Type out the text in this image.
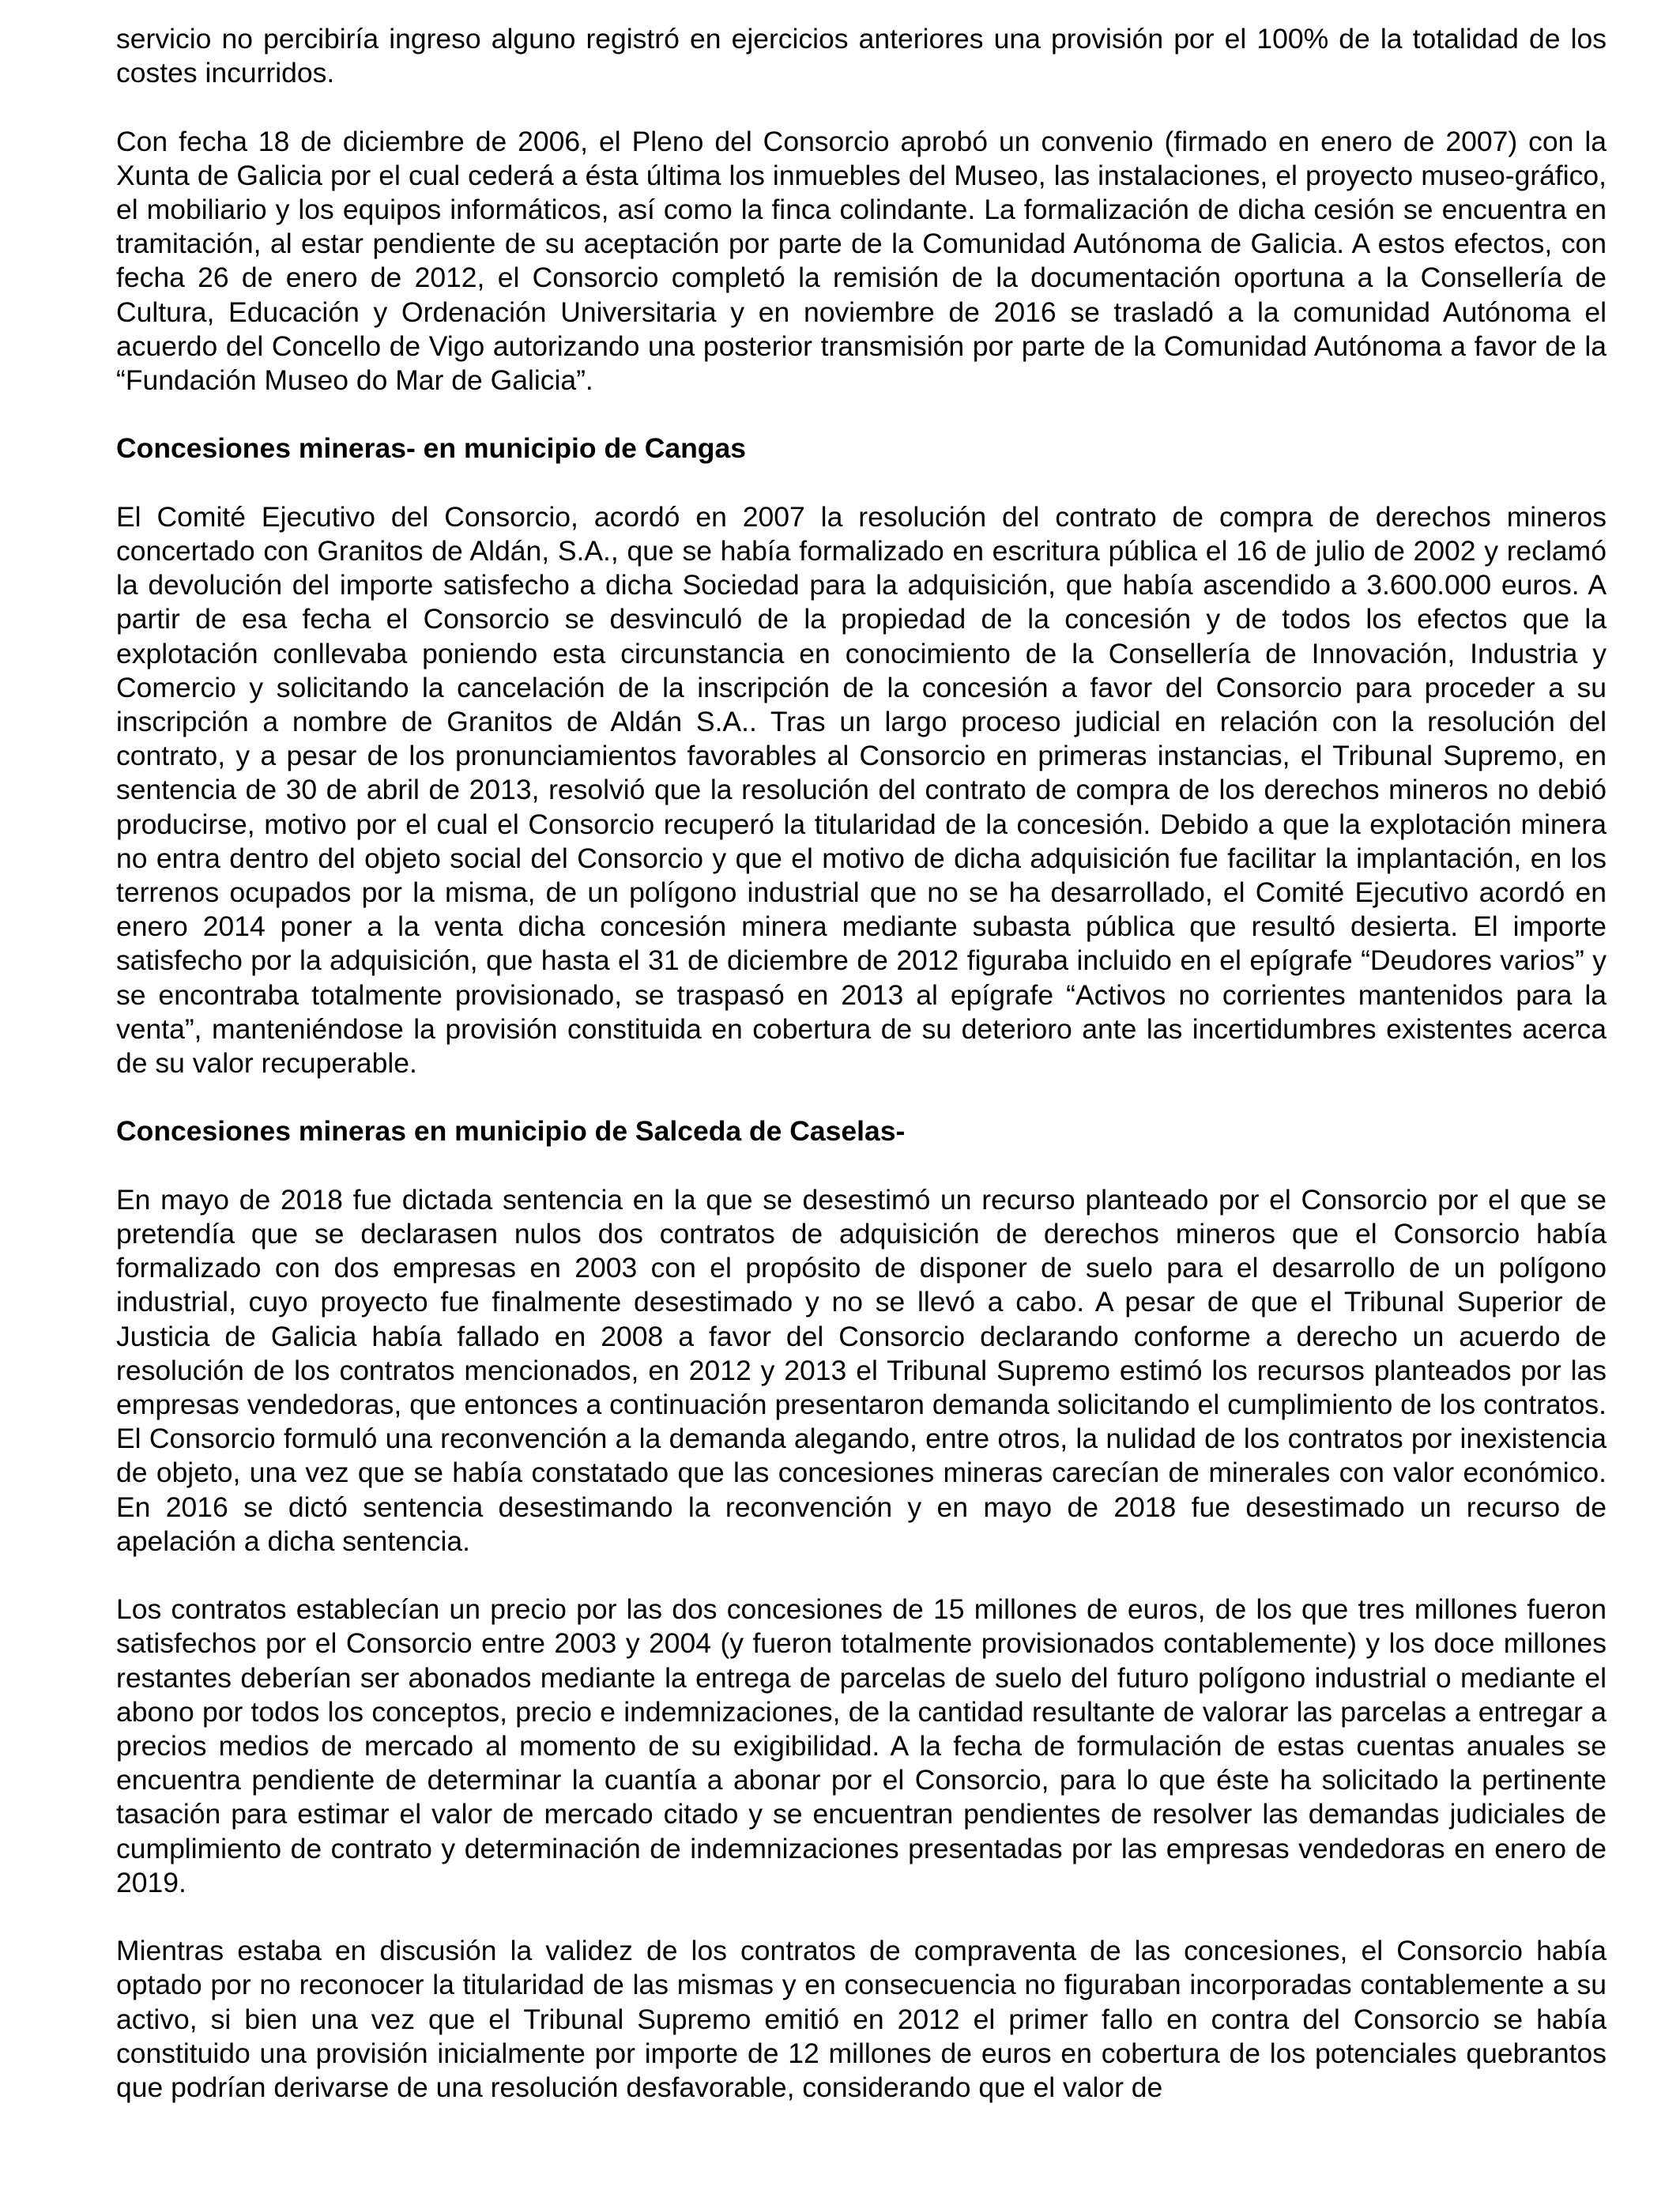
servicio no percibiría ingreso alguno registró en ejercicios anteriores una provisión por el 100% de la totalidad de los costes incurridos.

Con fecha 18 de diciembre de 2006, el Pleno del Consorcio aprobó un convenio (firmado en enero de 2007) con la Xunta de Galicia por el cual cederá a ésta última los inmuebles del Museo, las instalaciones, el proyecto museo-gráfico, el mobiliario y los equipos informáticos, así como la finca colindante. La formalización de dicha cesión se encuentra en tramitación, al estar pendiente de su aceptación por parte de la Comunidad Autónoma de Galicia. A estos efectos, con fecha 26 de enero de 2012, el Consorcio completó la remisión de la documentación oportuna a la Consellería de Cultura, Educación y Ordenación Universitaria y en noviembre de 2016 se trasladó a la comunidad Autónoma el acuerdo del Concello de Vigo autorizando una posterior transmisión por parte de la Comunidad Autónoma a favor de la “Fundación Museo do Mar de Galicia”.

Concesiones mineras- en municipio de Cangas

El Comité Ejecutivo del Consorcio, acordó en 2007 la resolución del contrato de compra de derechos mineros concertado con Granitos de Aldán, S.A., que se había formalizado en escritura pública el 16 de julio de 2002 y reclamó la devolución del importe satisfecho a dicha Sociedad para la adquisición, que había ascendido a 3.600.000 euros. A partir de esa fecha el Consorcio se desvinculó de la propiedad de la concesión y de todos los efectos que la explotación conllevaba poniendo esta circunstancia en conocimiento de la Consellería de Innovación, Industria y Comercio y solicitando la cancelación de la inscripción de la concesión a favor del Consorcio para proceder a su inscripción a nombre de Granitos de Aldán S.A.. Tras un largo proceso judicial en relación con la resolución del contrato, y a pesar de los pronunciamientos favorables al Consorcio en primeras instancias, el Tribunal Supremo, en sentencia de 30 de abril de 2013, resolvió que la resolución del contrato de compra de los derechos mineros no debió producirse, motivo por el cual el Consorcio recuperó la titularidad de la concesión. Debido a que la explotación minera no entra dentro del objeto social del Consorcio y que el motivo de dicha adquisición fue facilitar la implantación, en los terrenos ocupados por la misma, de un polígono industrial que no se ha desarrollado, el Comité Ejecutivo acordó en enero 2014 poner a la venta dicha concesión minera mediante subasta pública que resultó desierta. El importe satisfecho por la adquisición, que hasta el 31 de diciembre de 2012 figuraba incluido en el epígrafe “Deudores varios” y se encontraba totalmente provisionado, se traspasó en 2013 al epígrafe “Activos no corrientes mantenidos para la venta”, manteniéndose la provisión constituida en cobertura de su deterioro ante las incertidumbres existentes acerca de su valor recuperable.

Concesiones mineras en municipio de Salceda de Caselas-

En mayo de 2018 fue dictada sentencia en la que se desestimó un recurso planteado por el Consorcio por el que se pretendía que se declarasen nulos dos contratos de adquisición de derechos mineros que el Consorcio había formalizado con dos empresas en 2003 con el propósito de disponer de suelo para el desarrollo de un polígono industrial, cuyo proyecto fue finalmente desestimado y no se llevó a cabo. A pesar de que el Tribunal Superior de Justicia de Galicia había fallado en 2008 a favor del Consorcio declarando conforme a derecho un acuerdo de resolución de los contratos mencionados, en 2012 y 2013 el Tribunal Supremo estimó los recursos planteados por las empresas vendedoras, que entonces a continuación presentaron demanda solicitando el cumplimiento de los contratos. El Consorcio formuló una reconvención a la demanda alegando, entre otros, la nulidad de los contratos por inexistencia de objeto, una vez que se había constatado que las concesiones mineras carecían de minerales con valor económico. En 2016 se dictó sentencia desestimando la reconvención y en mayo de 2018 fue desestimado un recurso de apelación a dicha sentencia.

Los contratos establecían un precio por las dos concesiones de 15 millones de euros, de los que tres millones fueron satisfechos por el Consorcio entre 2003 y 2004 (y fueron totalmente provisionados contablemente) y los doce millones restantes deberían ser abonados mediante la entrega de parcelas de suelo del futuro polígono industrial o mediante el abono por todos los conceptos, precio e indemnizaciones, de la cantidad resultante de valorar las parcelas a entregar a precios medios de mercado al momento de su exigibilidad. A la fecha de formulación de estas cuentas anuales se encuentra pendiente de determinar la cuantía a abonar por el Consorcio, para lo que éste ha solicitado la pertinente tasación para estimar el valor de mercado citado y se encuentran pendientes de resolver las demandas judiciales de cumplimiento de contrato y determinación de indemnizaciones presentadas por las empresas vendedoras en enero de 2019.

Mientras estaba en discusión la validez de los contratos de compraventa de las concesiones, el Consorcio había optado por no reconocer la titularidad de las mismas y en consecuencia no figuraban incorporadas contablemente a su activo, si bien una vez que el Tribunal Supremo emitió en 2012 el primer fallo en contra del Consorcio se había constituido una provisión inicialmente por importe de 12 millones de euros en cobertura de los potenciales quebrantos que podrían derivarse de una resolución desfavorable, considerando que el valor de
